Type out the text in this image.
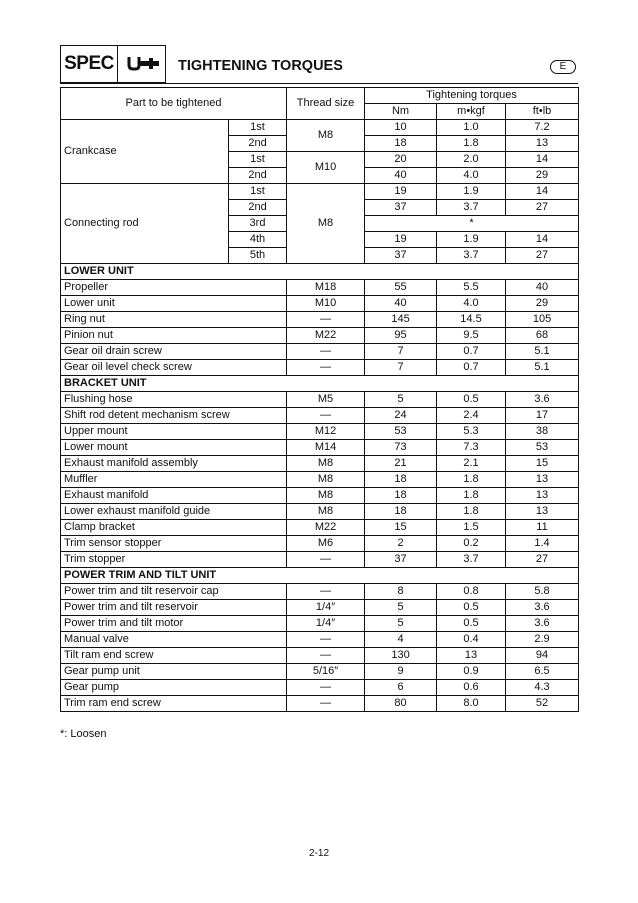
SPEC	TIGHTENING TORQUES	E
Part to be tightened		Thread size	Tightening torques		
			Nm	m•kgf	ft•lb
Crankcase	1st	M8	10	1.0	7.2
	2nd		18	1.8	13
	1st	M10	20	2.0	14
	2nd		40	4.0	29
Connecting rod	1st	M8	19	1.9	14
	2nd		37	3.7	27
	3rd		*		
	4th		19	1.9	14
	5th		37	3.7	27
LOWER UNIT					
Propeller		M18	55	5.5	40
Lower unit		M10	40	4.0	29
Ring nut		—	145	14.5	105
Pinion nut		M22	95	9.5	68
Gear oil drain screw		—	7	0.7	5.1
Gear oil level check screw		—	7	0.7	5.1
BRACKET UNIT					
Flushing hose		M5	5	0.5	3.6
Shift rod detent mechanism screw		—	24	2.4	17
Upper mount		M12	53	5.3	38
Lower mount		M14	73	7.3	53
Exhaust manifold assembly		M8	21	2.1	15
Muffler		M8	18	1.8	13
Exhaust manifold		M8	18	1.8	13
Lower exhaust manifold guide		M8	18	1.8	13
Clamp bracket		M22	15	1.5	11
Trim sensor stopper		M6	2	0.2	1.4
Trim stopper		—	37	3.7	27
POWER TRIM AND TILT UNIT					
Power trim and tilt reservoir cap		—	8	0.8	5.8
Power trim and tilt reservoir		1/4″	5	0.5	3.6
Power trim and tilt motor		1/4″	5	0.5	3.6
Manual valve		—	4	0.4	2.9
Tilt ram end screw		—	130	13	94
Gear pump unit		5/16″	9	0.9	6.5
Gear pump		—	6	0.6	4.3
Trim ram end screw		—	80	8.0	52
*: Loosen
2-12
